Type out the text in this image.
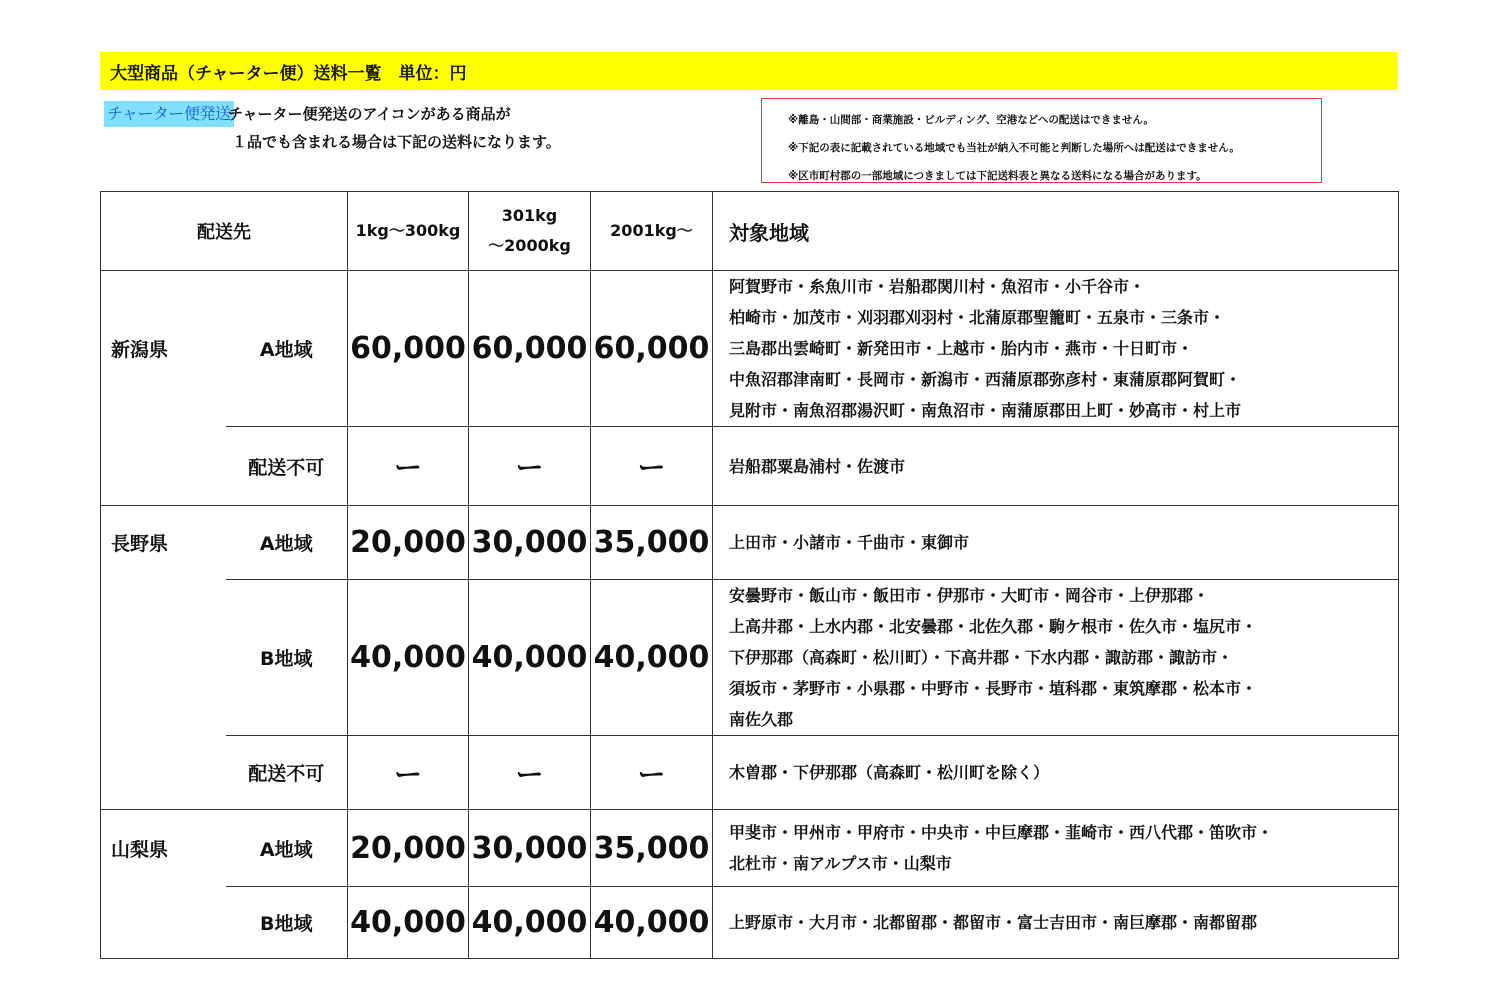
大型商品（チャーター便）送料一覧　単位：円
チャーター便発送
チャーター便発送のアイコンがある商品が
１品でも含まれる場合は下記の送料になります。
※離島・山間部・商業施設・ビルディング、空港などへの配送はできません。
※下記の表に記載されている地域でも当社が納入不可能と判断した場所へは配送はできません。
※区市町村郡の一部地域につきましては下記送料表と異なる送料になる場合があります。
配送先		1kg～300kg	301kg
～2000kg	2001kg～	対象地域
新潟県	A地域	60,000	60,000	60,000	阿賀野市・糸魚川市・岩船郡関川村・魚沼市・小千谷市・
柏崎市・加茂市・刈羽郡刈羽村・北蒲原郡聖籠町・五泉市・三条市・
三島郡出雲崎町・新発田市・上越市・胎内市・燕市・十日町市・
中魚沼郡津南町・長岡市・新潟市・西蒲原郡弥彦村・東蒲原郡阿賀町・
見附市・南魚沼郡湯沢町・南魚沼市・南蒲原郡田上町・妙高市・村上市

	配送不可	ー	ー	ー	岩船郡粟島浦村・佐渡市

長野県	A地域	20,000	30,000	35,000	上田市・小諸市・千曲市・東御市

	B地域	40,000	40,000	40,000	安曇野市・飯山市・飯田市・伊那市・大町市・岡谷市・上伊那郡・
上高井郡・上水内郡・北安曇郡・北佐久郡・駒ケ根市・佐久市・塩尻市・
下伊那郡（高森町・松川町）・下高井郡・下水内郡・諏訪郡・諏訪市・
須坂市・茅野市・小県郡・中野市・長野市・埴科郡・東筑摩郡・松本市・
南佐久郡

	配送不可	ー	ー	ー	木曽郡・下伊那郡（高森町・松川町を除く）

山梨県	A地域	20,000	30,000	35,000	甲斐市・甲州市・甲府市・中央市・中巨摩郡・韮崎市・西八代郡・笛吹市・
北杜市・南アルプス市・山梨市

	B地域	40,000	40,000	40,000	上野原市・大月市・北都留郡・都留市・富士吉田市・南巨摩郡・南都留郡
